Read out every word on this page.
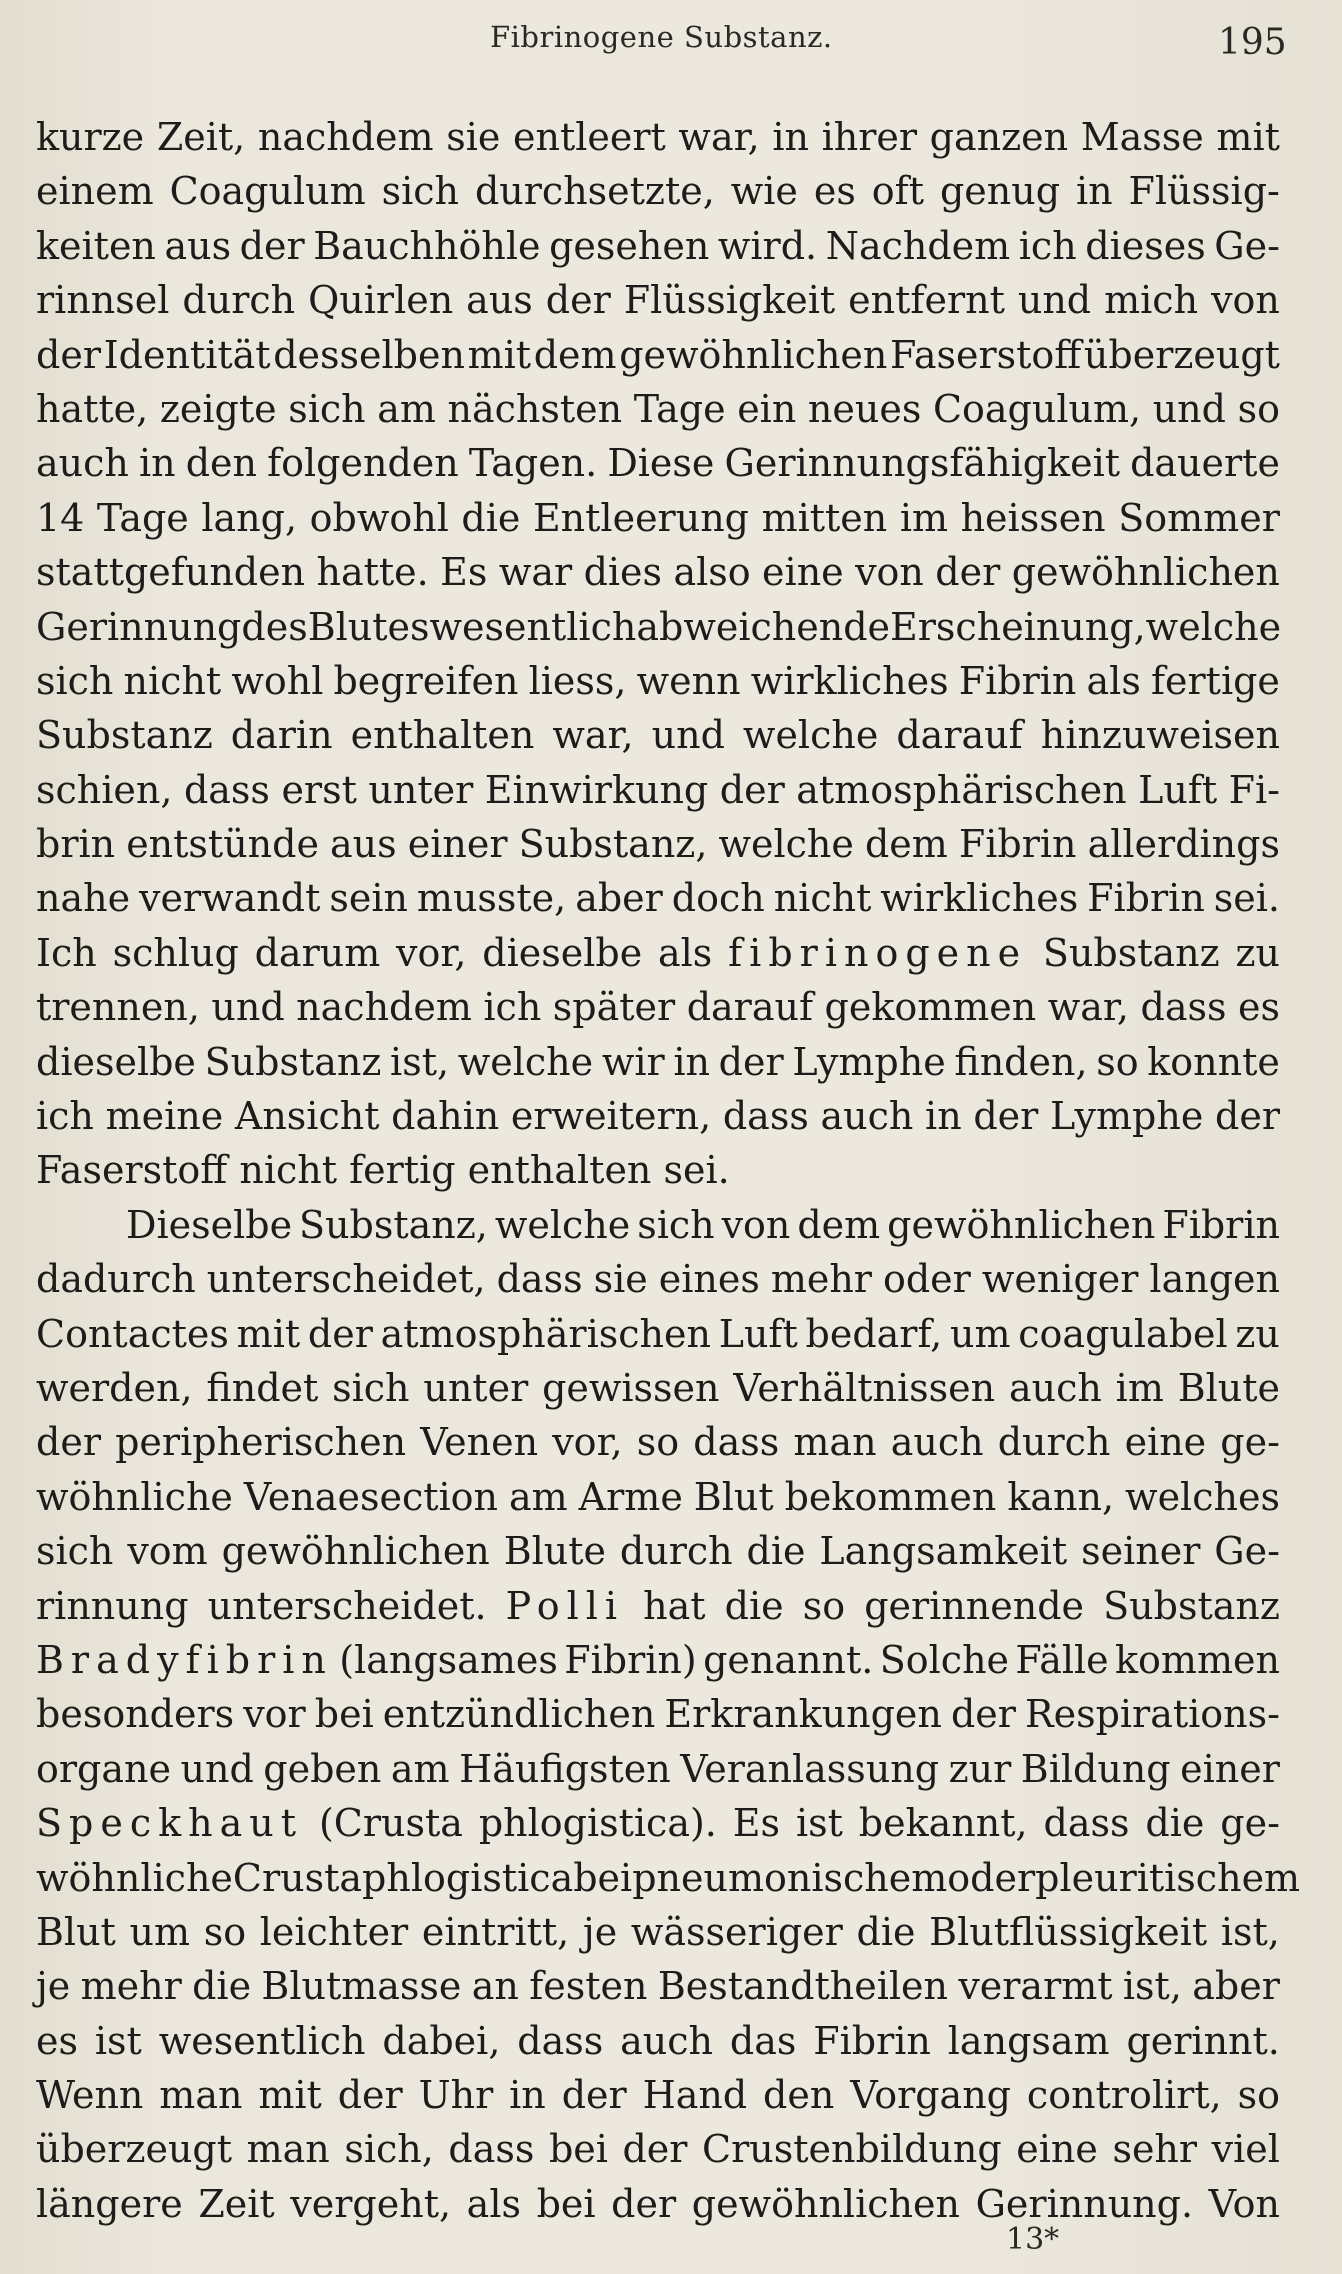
Fibrinogene Substanz.	195
kurze Zeit, nachdem sie entleert war, in ihrer ganzen Masse mit
einem Coagulum sich durchsetzte, wie es oft genug in Flüssig-
keiten aus der Bauchhöhle gesehen wird. Nachdem ich dieses Ge-
rinnsel durch Quirlen aus der Flüssigkeit entfernt und mich von
der Identität desselben mit dem gewöhnlichen Faserstoff überzeugt
hatte, zeigte sich am nächsten Tage ein neues Coagulum, und so
auch in den folgenden Tagen. Diese Gerinnungsfähigkeit dauerte
14 Tage lang, obwohl die Entleerung mitten im heissen Sommer
stattgefunden hatte. Es war dies also eine von der gewöhnlichen
Gerinnung des Blutes wesentlich abweichende Erscheinung, welche
sich nicht wohl begreifen liess, wenn wirkliches Fibrin als fertige
Substanz darin enthalten war, und welche darauf hinzuweisen
schien, dass erst unter Einwirkung der atmosphärischen Luft Fi-
brin entstünde aus einer Substanz, welche dem Fibrin allerdings
nahe verwandt sein musste, aber doch nicht wirkliches Fibrin sei.
Ich schlug darum vor, dieselbe als fibrinogene Substanz zu
trennen, und nachdem ich später darauf gekommen war, dass es
dieselbe Substanz ist, welche wir in der Lymphe finden, so konnte
ich meine Ansicht dahin erweitern, dass auch in der Lymphe der
Faserstoff
nicht
fertig
enthalten
sei.
Dieselbe Substanz, welche sich von dem gewöhnlichen Fibrin
dadurch unterscheidet, dass sie eines mehr oder weniger langen
Contactes mit der atmosphärischen Luft bedarf, um coagulabel zu
werden, findet sich unter gewissen Verhältnissen auch im Blute
der peripherischen Venen vor, so dass man auch durch eine ge-
wöhnliche Venaesection am Arme Blut bekommen kann, welches
sich vom gewöhnlichen Blute durch die Langsamkeit seiner Ge-
rinnung unterscheidet. Polli hat die so gerinnende Substanz
Bradyfibrin (langsames Fibrin) genannt. Solche Fälle kommen
besonders vor bei entzündlichen Erkrankungen der Respirations-
organe und geben am Häufigsten Veranlassung zur Bildung einer
Speckhaut (Crusta phlogistica). Es ist bekannt, dass die ge-
wöhnliche Crusta phlogistica bei pneumonischem oder pleuritischem
Blut um so leichter eintritt, je wässeriger die Blutflüssigkeit ist,
je mehr die Blutmasse an festen Bestandtheilen verarmt ist, aber
es ist wesentlich dabei, dass auch das Fibrin langsam gerinnt.
Wenn man mit der Uhr in der Hand den Vorgang controlirt, so
überzeugt man sich, dass bei der Crustenbildung eine sehr viel
längere Zeit vergeht, als bei der gewöhnlichen Gerinnung. Von
13*
